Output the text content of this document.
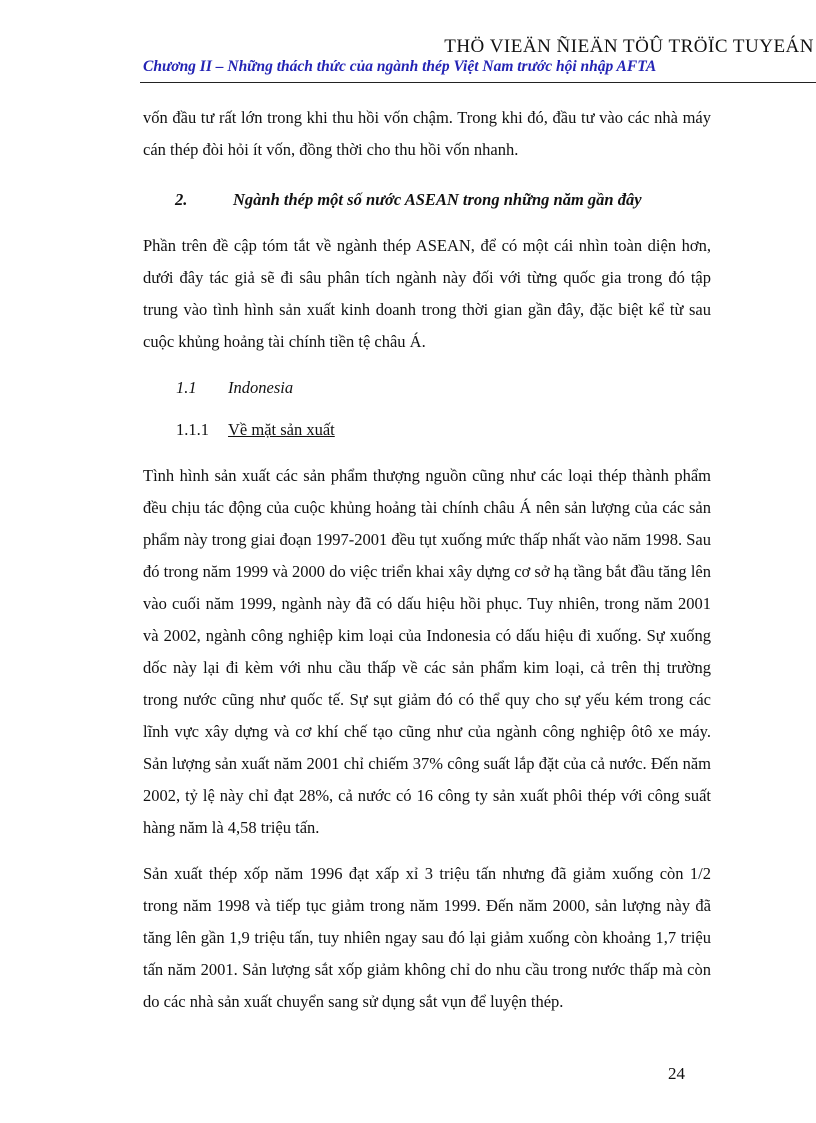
THÖ VIEÄN ÑIEÄN TÖÛ TRÖÏC TUYEÁN
Chương II – Những thách thức của ngành thép Việt Nam trước hội nhập AFTA

vốn đầu tư rất lớn trong khi thu hồi vốn chậm. Trong khi đó, đầu tư vào các nhà máy cán thép đòi hỏi ít vốn, đồng thời cho thu hồi vốn nhanh.

2.	Ngành thép một số nước ASEAN trong những năm gần đây

Phần trên đề cập tóm tắt về ngành thép ASEAN, để có một cái nhìn toàn diện hơn, dưới đây tác giả sẽ đi sâu phân tích ngành này đối với từng quốc gia trong đó tập trung vào tình hình sản xuất kinh doanh trong thời gian gần đây, đặc biệt kể từ sau cuộc khủng hoảng tài chính tiền tệ châu Á.

1.1	Indonesia
1.1.1	Về mặt sản xuất

Tình hình sản xuất các sản phẩm thượng nguồn cũng như các loại thép thành phẩm đều chịu tác động của cuộc khủng hoảng tài chính châu Á nên sản lượng của các sản phẩm này trong giai đoạn 1997-2001 đều tụt xuống mức thấp nhất vào năm 1998. Sau đó trong năm 1999 và 2000 do việc triển khai xây dựng cơ sở hạ tầng bắt đầu tăng lên vào cuối năm 1999, ngành này đã có dấu hiệu hồi phục. Tuy nhiên, trong năm 2001 và 2002, ngành công nghiệp kim loại của Indonesia có dấu hiệu đi xuống. Sự xuống dốc này lại đi kèm với nhu cầu thấp về các sản phẩm kim loại, cả trên thị trường trong nước cũng như quốc tế. Sự sụt giảm đó có thể quy cho sự yếu kém trong các lĩnh vực xây dựng và cơ khí chế tạo cũng như của ngành công nghiệp ôtô xe máy. Sản lượng sản xuất năm 2001 chỉ chiếm 37% công suất lắp đặt của cả nước. Đến năm 2002, tỷ lệ này chỉ đạt 28%, cả nước có 16 công ty sản xuất phôi thép với công suất hàng năm là 4,58 triệu tấn.

Sản xuất thép xốp năm 1996 đạt xấp xỉ 3 triệu tấn nhưng đã giảm xuống còn 1/2 trong năm 1998 và tiếp tục giảm trong năm 1999. Đến năm 2000, sản lượng này đã tăng lên gần 1,9 triệu tấn, tuy nhiên ngay sau đó lại giảm xuống còn khoảng 1,7 triệu tấn năm 2001. Sản lượng sắt xốp giảm không chỉ do nhu cầu trong nước thấp mà còn do các nhà sản xuất chuyển sang sử dụng sắt vụn để luyện thép.

24
